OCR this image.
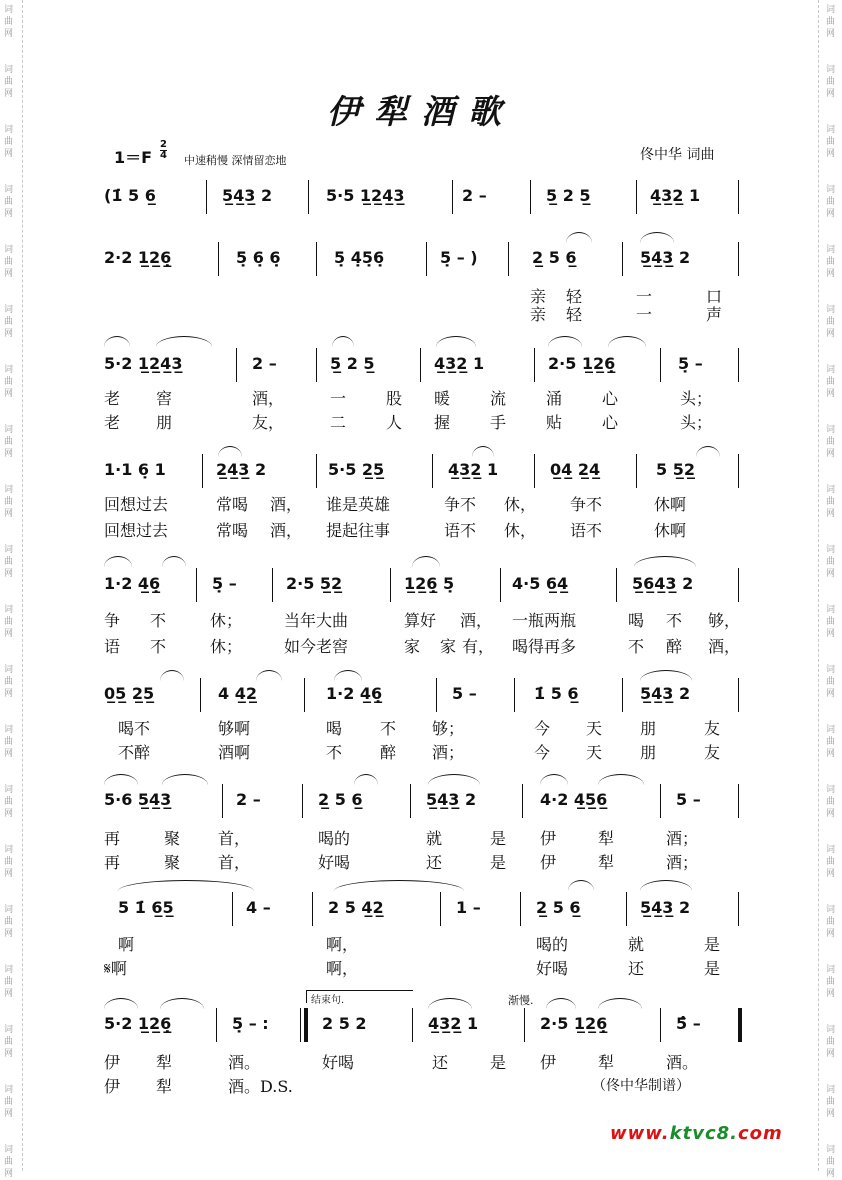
词
曲
网
词
曲
网
词
曲
网
词
曲
网
词
曲
网
词
曲
网
词
曲
网
词
曲
网
词
曲
网
词
曲
网
词
曲
网
词
曲
网
词
曲
网
词
曲
网
词
曲
网
词
曲
网
词
曲
网
词
曲
网
词
曲
网
词
曲
网
词
曲
网
词
曲
网
词
曲
网
词
曲
网
词
曲
网
词
曲
网
词
曲
网
词
曲
网
词
曲
网
词
曲
网
词
曲
网
词
曲
网
词
曲
网
词
曲
网
词
曲
网
词
曲
网
词
曲
网
词
曲
网
词
曲
网
词
曲
网
伊犁酒歌
1＝F
2
4 中速稍慢 深情留恋地	佟中华 词曲
(1̇ 5 6̲	5̲4̲3̲ 2	5·5 1̲2̲4̲3̲	2 –	5̲ 2 5̲	4̲3̲2̲ 1
2·2 1̲2̲6̣̲	5̣ 6̣ 6̣	5̣ 4̣5̣6̣	5̣ – )	2̲ 5 6̲	5̲4̲3̲ 2
5·2 1̲2̲4̲3̲	2 –	5̲ 2 5̲	4̲3̲2̲ 1	2·5 1̲2̲6̣̲	5̣ –
1·1 6̣ 1	2̲4̲3̲ 2	5·5 2̲5̲	4̲3̲2̲ 1	0̲4̲ 2̲4̲	5 5̲2̲
1·2 4̲6̣̲	5̣ –	2·5 5̲2̲	1̲2̲6̣̲ 5̣	4·5 6̲4̲	5̲6̲4̲3̲ 2
0̲5̲ 2̲5̲	4 4̲2̲	1·2 4̲6̣̲	5 –	1̇ 5 6̲	5̲4̲3̲ 2
5·6 5̲4̲3̲	2 –	2̲ 5 6̲	5̲4̲3̲ 2	4·2 4̲5̲6̲	5 –
5 1̇ 6̲5̲	4 –	2 5 4̲2̲	1 –	2̲ 5 6̲	5̲4̲3̲ 2
5·2 1̲2̲6̣̲	5̣ – :	2 5 2	4̲3̲2̲ 1	2·5 1̲2̲6̣̲	5̂ –
亲 轻	一	口
亲 轻	一	声
老 窖	酒，	一 股 暖 流 涌 心	头；
老 朋	友，	二 人 握 手 贴 心	头；
回想过去	常喝 酒， 谁是英雄	争不 休， 争不	休啊
回想过去	常喝 酒， 提起往事	语不 休， 语不	休啊
争 不	休；	当年大曲	算好 酒， 一瓶两瓶	喝 不 够，
语 不	休；	如今老窖	家 家 有， 喝得再多	不 醉 酒，
喝不	够啊	喝 不 够；	今 天 朋	友
不醉	酒啊	不 醉 酒；	今 天 朋	友
再	聚 首，	喝的	就	是 伊	犁	酒；
再	聚 首，	好喝	还	是 伊	犁	酒；
啊	啊，	喝的	就	是
𝄋啊	啊，	好喝	还	是
伊 犁	酒。	好喝	还	是 伊	犁	酒。
伊 犁	酒。D.S.
结束句.	渐慢.
（佟中华制谱）
www.ktvc8.com
